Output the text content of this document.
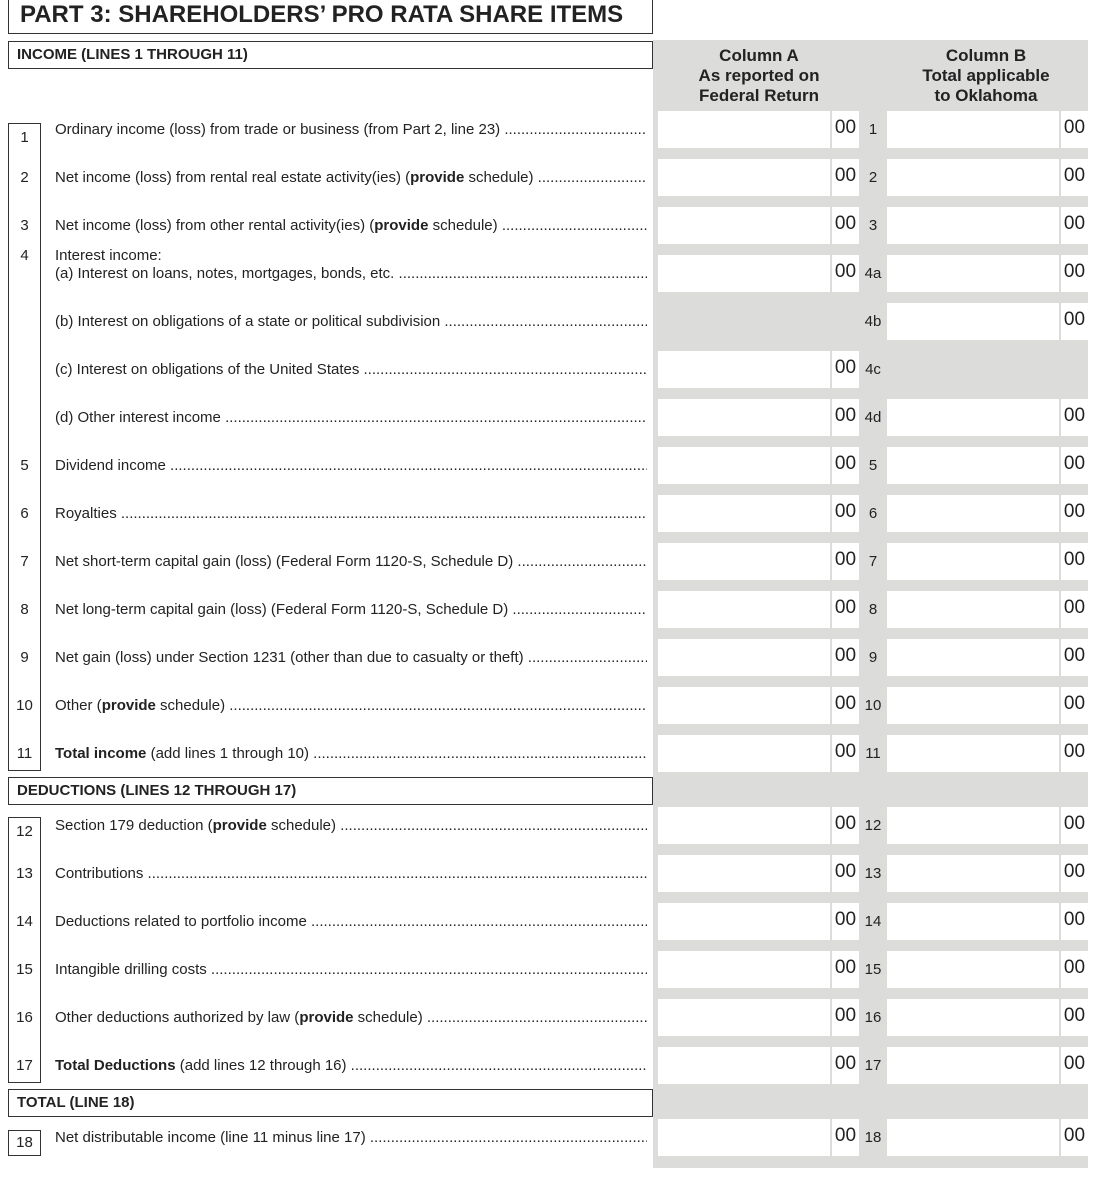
PART 3: SHAREHOLDERS’ PRO RATA SHARE ITEMS
Column A
As reported on
Federal Return
Column B
Total applicable
to Oklahoma
INCOME (LINES 1 THROUGH 11)
1	Ordinary income (loss) from trade or business (from Part 2, line 23) .....	00 1	00
2	Net income (loss) from rental real estate activity(ies) (provide schedule) .....	00 2	00
3	Net income (loss) from other rental activity(ies) (provide schedule) .....	00 3	00
4	Interest income:
(a) Interest on loans, notes, mortgages, bonds, etc. .....	00 4a	00
(b) Interest on obligations of a state or political subdivision .....	4b	00
(c) Interest on obligations of the United States .....	00 4c
(d) Other interest income .....	00 4d	00
5	Dividend income .....	00 5	00
6	Royalties .....	00 6	00
7	Net short-term capital gain (loss) (Federal Form 1120-S, Schedule D) .....	00 7	00
8	Net long-term capital gain (loss) (Federal Form 1120-S, Schedule D) .....	00 8	00
9	Net gain (loss) under Section 1231 (other than due to casualty or theft) .....	00 9	00
10	Other (provide schedule) .....	00 10	00
11	Total income (add lines 1 through 10) .....	00 11	00
DEDUCTIONS (LINES 12 THROUGH 17)
12	Section 179 deduction (provide schedule) .....	00 12	00
13	Contributions .....	00 13	00
14	Deductions related to portfolio income .....	00 14	00
15	Intangible drilling costs .....	00 15	00
16	Other deductions authorized by law (provide schedule) .....	00 16	00
17	Total Deductions (add lines 12 through 16) .....	00 17	00
TOTAL (LINE 18)
18	Net distributable income (line 11 minus line 17) .....	00 18	00
